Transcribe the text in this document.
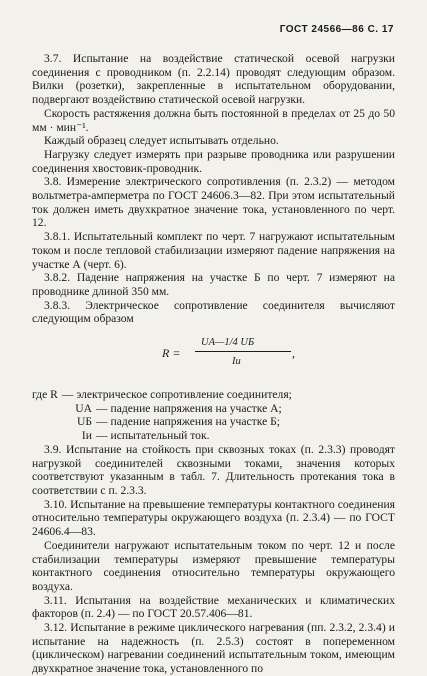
ГОСТ 24566—86 С. 17

3.7. Испытание на воздействие статической осевой нагрузки соединения с проводником (п. 2.2.14) проводят следующим образом. Вилки (розетки), закрепленные в испытательном оборудовании, подвергают воздействию статической осевой нагрузки.

Скорость растяжения должна быть постоянной в пределах от 25 до 50 мм · мин⁻¹.

Каждый образец следует испытывать отдельно.

Нагрузку следует измерять при разрыве проводника или разрушении соединения хвостовик-проводник.

3.8. Измерение электрического сопротивления (п. 2.3.2) — методом вольтметра-амперметра по ГОСТ 24606.3—82. При этом испытательный ток должен иметь двухкратное значение тока, установленного по черт. 12.

3.8.1. Испытательный комплект по черт. 7 нагружают испытательным током и после тепловой стабилизации измеряют падение напряжения на участке А (черт. 6).

3.8.2. Падение напряжения на участке Б по черт. 7 измеряют на проводнике длиной 350 мм.

3.8.3. Электрическое сопротивление соединителя вычисляют следующим образом

R =
UА—1/4 UБ
Iи
,
где R — электрическое сопротивление соединителя;
UА — падение напряжения на участке А;
UБ — падение напряжения на участке Б;
Iи — испытательный ток.

3.9. Испытание на стойкость при сквозных токах (п. 2.3.3) проводят нагрузкой соединителей сквозными токами, значения которых соответствуют указанным в табл. 7. Длительность протекания тока в соответствии с п. 2.3.3.

3.10. Испытание на превышение температуры контактного соединения относительно температуры окружающего воздуха (п. 2.3.4) — по ГОСТ 24606.4—83.

Соединители нагружают испытательным током по черт. 12 и после стабилизации температуры измеряют превышение температуры контактного соединения относительно температуры окружающего воздуха.

3.11. Испытания на воздействие механических и климатических факторов (п. 2.4) — по ГОСТ 20.57.406—81.

3.12. Испытание в режиме циклического нагревания (пп. 2.3.2, 2.3.4) и испытание на надежность (п. 2.5.3) состоят в попеременном (циклическом) нагревании соединений испытательным током, имеющим двухкратное значение тока, установленного по
